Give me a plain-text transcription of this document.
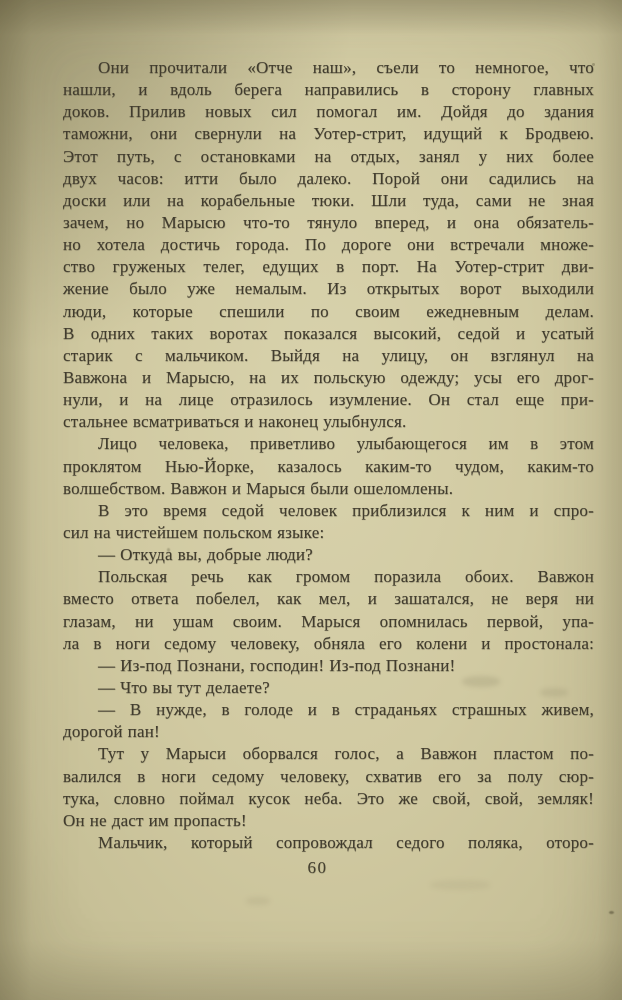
Они прочитали «Отче наш», съели то немногое, что
нашли, и вдоль берега направились в сторону главных
доков. Прилив новых сил помогал им. Дойдя до здания
таможни, они свернули на Уотер-стрит, идущий к Бродвею.
Этот путь, с остановками на отдых, занял у них более
двух часов: итти было далеко. Порой они садились на
доски или на корабельные тюки. Шли туда, сами не зная
зачем, но Марысю что-то тянуло вперед, и она обязатель-
но хотела достичь города. По дороге они встречали множе-
ство груженых телег, едущих в порт. На Уотер-стрит дви-
жение было уже немалым. Из открытых ворот выходили
люди, которые спешили по своим ежедневным делам.
В одних таких воротах показался высокий, седой и усатый
старик с мальчиком. Выйдя на улицу, он взглянул на
Вавжона и Марысю, на их польскую одежду; усы его дрог-
нули, и на лице отразилось изумление. Он стал еще при-
стальнее всматриваться и наконец улыбнулся.
Лицо человека, приветливо улыбающегося им в этом
проклятом Нью-Йорке, казалось каким-то чудом, каким-то
волшебством. Вавжон и Марыся были ошеломлены.
В это время седой человек приблизился к ним и спро-
сил на чистейшем польском языке:
— Откуда вы, добрые люди?
Польская речь как громом поразила обоих. Вавжон
вместо ответа побелел, как мел, и зашатался, не веря ни
глазам, ни ушам своим. Марыся опомнилась первой, упа-
ла в ноги седому человеку, обняла его колени и простонала:
— Из-под Познани, господин! Из-под Познани!
— Что вы тут делаете?
— В нужде, в голоде и в страданьях страшных живем,
дорогой пан!
Тут у Марыси оборвался голос, а Вавжон пластом по-
валился в ноги седому человеку, схватив его за полу сюр-
тука, словно поймал кусок неба. Это же свой, свой, земляк!
Он не даст им пропасть!
Мальчик, который сопровождал седого поляка, оторо-
60
